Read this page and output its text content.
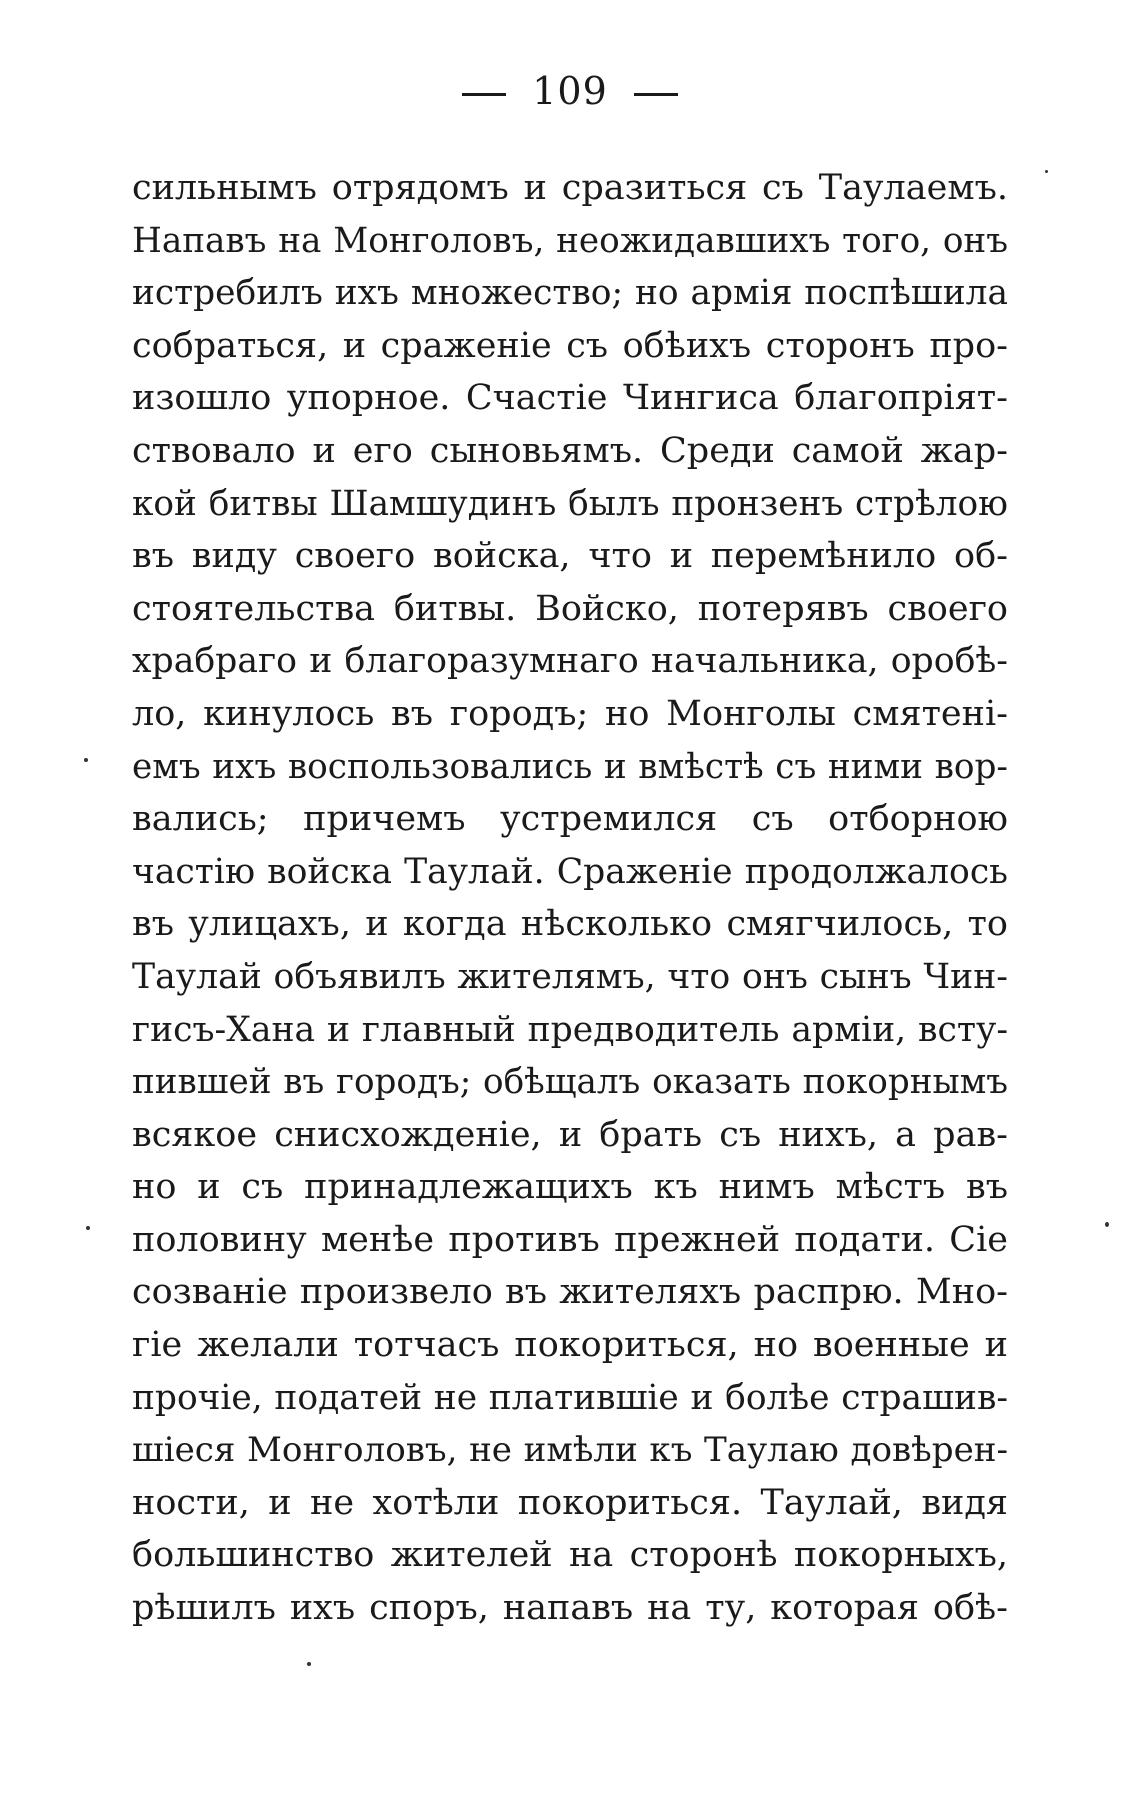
109
сильнымъ отрядомъ и сразиться съ Таулаемъ.
Напавъ на Монголовъ, неожидавшихъ того, онъ
истребилъ ихъ множество; но армія поспѣшила
собраться, и сраженіе съ обѣихъ сторонъ про-
изошло упорное. Счастіе Чингиса благопріят-
ствовало и его сыновьямъ. Среди самой жар-
кой битвы Шамшудинъ былъ пронзенъ стрѣлою
въ виду своего войска, что и перемѣнило об-
стоятельства битвы. Войско, потерявъ своего
храбраго и благоразумнаго начальника, оробѣ-
ло, кинулось въ городъ; но Монголы смятені-
емъ ихъ воспользовались и вмѣстѣ съ ними вор-
вались; причемъ устремился съ отборною
частію войска Таулай. Сраженіе продолжалось
въ улицахъ, и когда нѣсколько смягчилось, то
Таулай объявилъ жителямъ, что онъ сынъ Чин-
гисъ-Хана и главный предводитель арміи, всту-
пившей въ городъ; обѣщалъ оказать покорнымъ
всякое снисхожденіе, и брать съ нихъ, а рав-
но и съ принадлежащихъ къ нимъ мѣстъ въ
половину менѣе противъ прежней подати. Сіе
созваніе произвело въ жителяхъ распрю. Мно-
гіе желали тотчасъ покориться, но военные и
прочіе, податей не платившіе и болѣе страшив-
шіеся Монголовъ, не имѣли къ Таулаю довѣрен-
ности, и не хотѣли покориться. Таулай, видя
большинство жителей на сторонѣ покорныхъ,
рѣшилъ ихъ споръ, напавъ на ту, которая обѣ-
